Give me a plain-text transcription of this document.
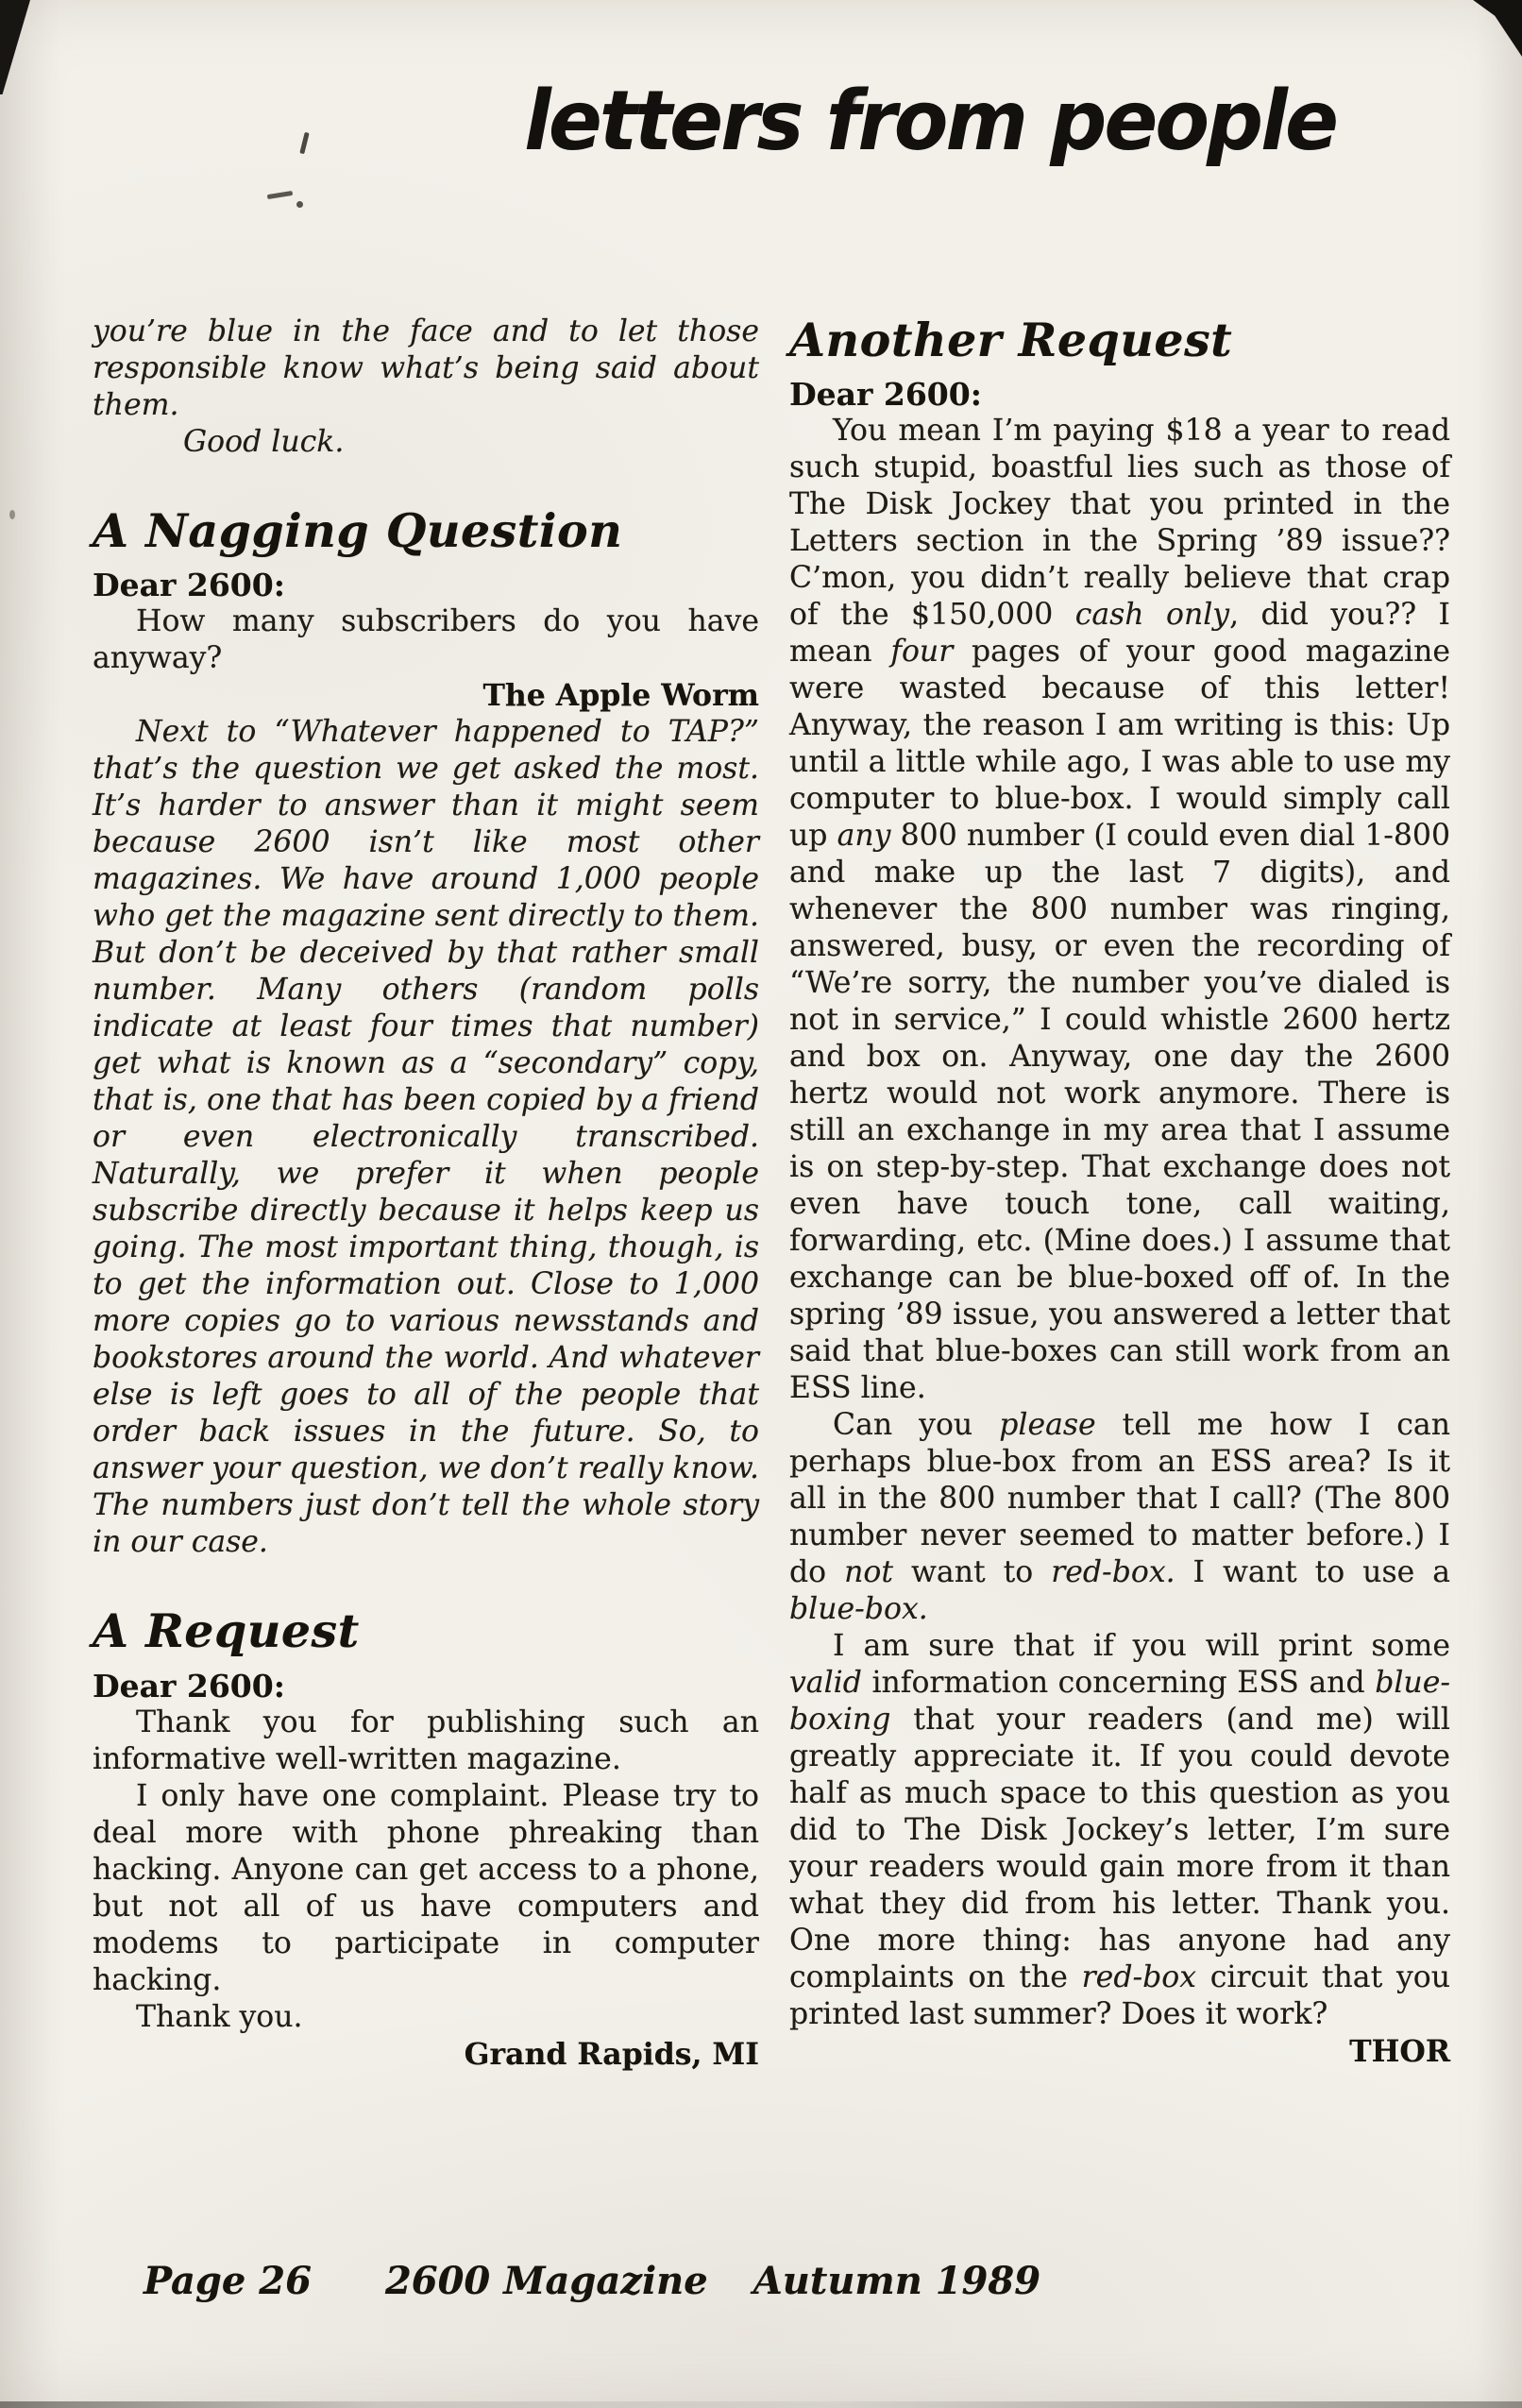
letters from people

you’re blue in the face and to let those responsible know what’s being said about them.

Good luck.

A Nagging Question

Dear 2600:

How many subscribers do you have anyway?

The Apple Worm

Next to “Whatever happened to TAP?” that’s the question we get asked the most. It’s harder to answer than it might seem because 2600 isn’t like most other magazines. We have around 1,000 people who get the magazine sent directly to them. But don’t be deceived by that rather small number. Many others (random polls indicate at least four times that number) get what is known as a “secondary” copy, that is, one that has been copied by a friend or even electronically transcribed. Naturally, we prefer it when people subscribe directly because it helps keep us going. The most important thing, though, is to get the information out. Close to 1,000 more copies go to various newsstands and bookstores around the world. And whatever else is left goes to all of the people that order back issues in the future. So, to answer your question, we don’t really know. The numbers just don’t tell the whole story in our case.

A Request

Dear 2600:

Thank you for publishing such an informative well-written magazine.

I only have one complaint. Please try to deal more with phone phreaking than hacking. Anyone can get access to a phone, but not all of us have computers and modems to participate in computer hacking.

Thank you.

Grand Rapids, MI

Another Request

Dear 2600:

You mean I’m paying $18 a year to read such stupid, boastful lies such as those of The Disk Jockey that you printed in the Letters section in the Spring ’89 issue?? C’mon, you didn’t really believe that crap of the $150,000 cash only, did you?? I mean four pages of your good magazine were wasted because of this letter! Anyway, the reason I am writing is this: Up until a little while ago, I was able to use my computer to blue-box. I would simply call up any 800 number (I could even dial 1-800 and make up the last 7 digits), and whenever the 800 number was ringing, answered, busy, or even the recording of “We’re sorry, the number you’ve dialed is not in service,” I could whistle 2600 hertz and box on. Anyway, one day the 2600 hertz would not work anymore. There is still an exchange in my area that I assume is on step-by-step. That exchange does not even have touch tone, call waiting, forwarding, etc. (Mine does.) I assume that exchange can be blue-boxed off of. In the spring ’89 issue, you answered a letter that said that blue-boxes can still work from an ESS line.

Can you please tell me how I can perhaps blue-box from an ESS area? Is it all in the 800 number that I call? (The 800 number never seemed to matter before.) I do not want to red-box. I want to use a blue-box.

I am sure that if you will print some valid information concerning ESS and blue-boxing that your readers (and me) will greatly appreciate it. If you could devote half as much space to this question as you did to The Disk Jockey’s letter, I’m sure your readers would gain more from it than what they did from his letter. Thank you. One more thing: has anyone had any complaints on the red-box circuit that you printed last summer? Does it work?

THOR

Page 26 2600 Magazine Autumn 1989
